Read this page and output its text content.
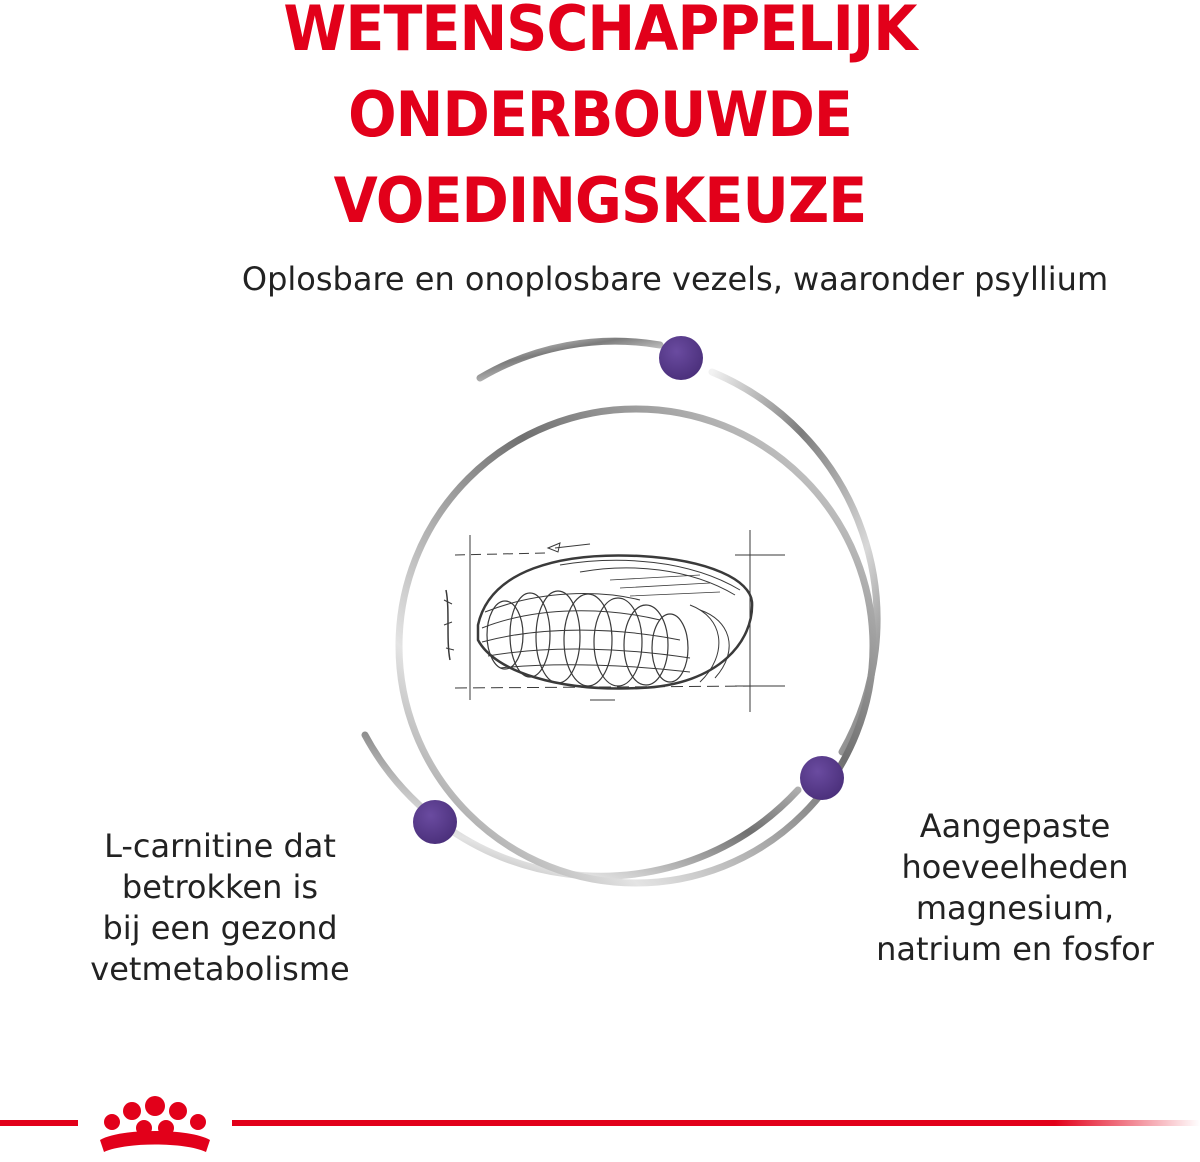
WETENSCHAPPELIJK ONDERBOUWDE
VOEDINGSKEUZE
Oplosbare en onoplosbare vezels, waaronder psyllium
L-carnitine dat
betrokken is
bij een gezond
vetmetabolisme
Aangepaste
hoeveelheden
magnesium,
natrium en fosfor
